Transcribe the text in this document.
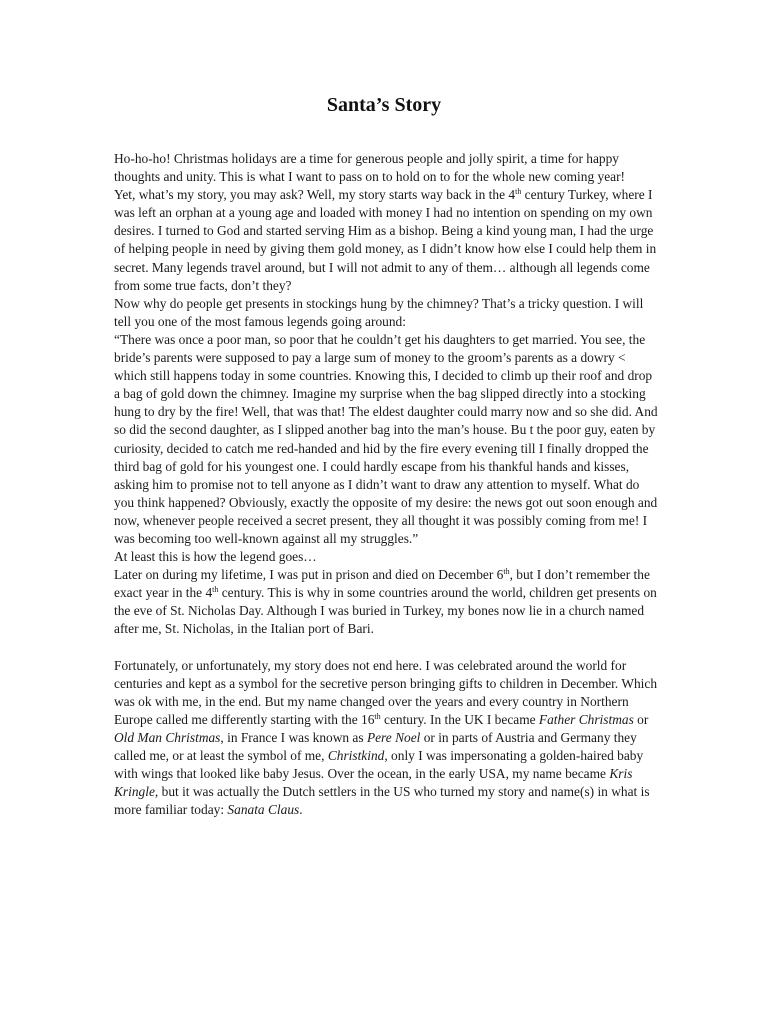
Santa’s Story

Ho-ho-ho! Christmas holidays are a time for generous people and jolly spirit, a time for happy thoughts and unity. This is what I want to pass on to hold on to for the whole new coming year!

Yet, what’s my story, you may ask? Well, my story starts way back in the 4th century Turkey, where I was left an orphan at a young age and loaded with money I had no intention on spending on my own desires. I turned to God and started serving Him as a bishop. Being a kind young man, I had the urge of helping people in need by giving them gold money, as I didn’t know how else I could help them in secret. Many legends travel around, but I will not admit to any of them… although all legends come from some true facts, don’t they?

Now why do people get presents in stockings hung by the chimney? That’s a tricky question. I will tell you one of the most famous legends going around:

“There was once a poor man, so poor that he couldn’t get his daughters to get married. You see, the bride’s parents were supposed to pay a large sum of money to the groom’s parents as a dowry < which still happens today in some countries. Knowing this, I decided to climb up their roof and drop a bag of gold down the chimney. Imagine my surprise when the bag slipped directly into a stocking hung to dry by the fire! Well, that was that! The eldest daughter could marry now and so she did. And so did the second daughter, as I slipped another bag into the man’s house. Bu t the poor guy, eaten by curiosity, decided to catch me red-handed and hid by the fire every evening till I finally dropped the third bag of gold for his youngest one. I could hardly escape from his thankful hands and kisses, asking him to promise not to tell anyone as I didn’t want to draw any attention to myself. What do you think happened? Obviously, exactly the opposite of my desire: the news got out soon enough and now, whenever people received a secret present, they all thought it was possibly coming from me! I was becoming too well-known against all my struggles.”

At least this is how the legend goes…

Later on during my lifetime, I was put in prison and died on December 6th, but I don’t remember the exact year in the 4th century. This is why in some countries around the world, children get presents on the eve of St. Nicholas Day. Although I was buried in Turkey, my bones now lie in a church named after me, St. Nicholas, in the Italian port of Bari.

Fortunately, or unfortunately, my story does not end here. I was celebrated around the world for centuries and kept as a symbol for the secretive person bringing gifts to children in December. Which was ok with me, in the end. But my name changed over the years and every country in Northern Europe called me differently starting with the 16th century. In the UK I became Father Christmas or Old Man Christmas, in France I was known as Pere Noel or in parts of Austria and Germany they called me, or at least the symbol of me, Christkind, only I was impersonating a golden-haired baby with wings that looked like baby Jesus. Over the ocean, in the early USA, my name became Kris Kringle, but it was actually the Dutch settlers in the US who turned my story and name(s) in what is more familiar today: Sanata Claus.
